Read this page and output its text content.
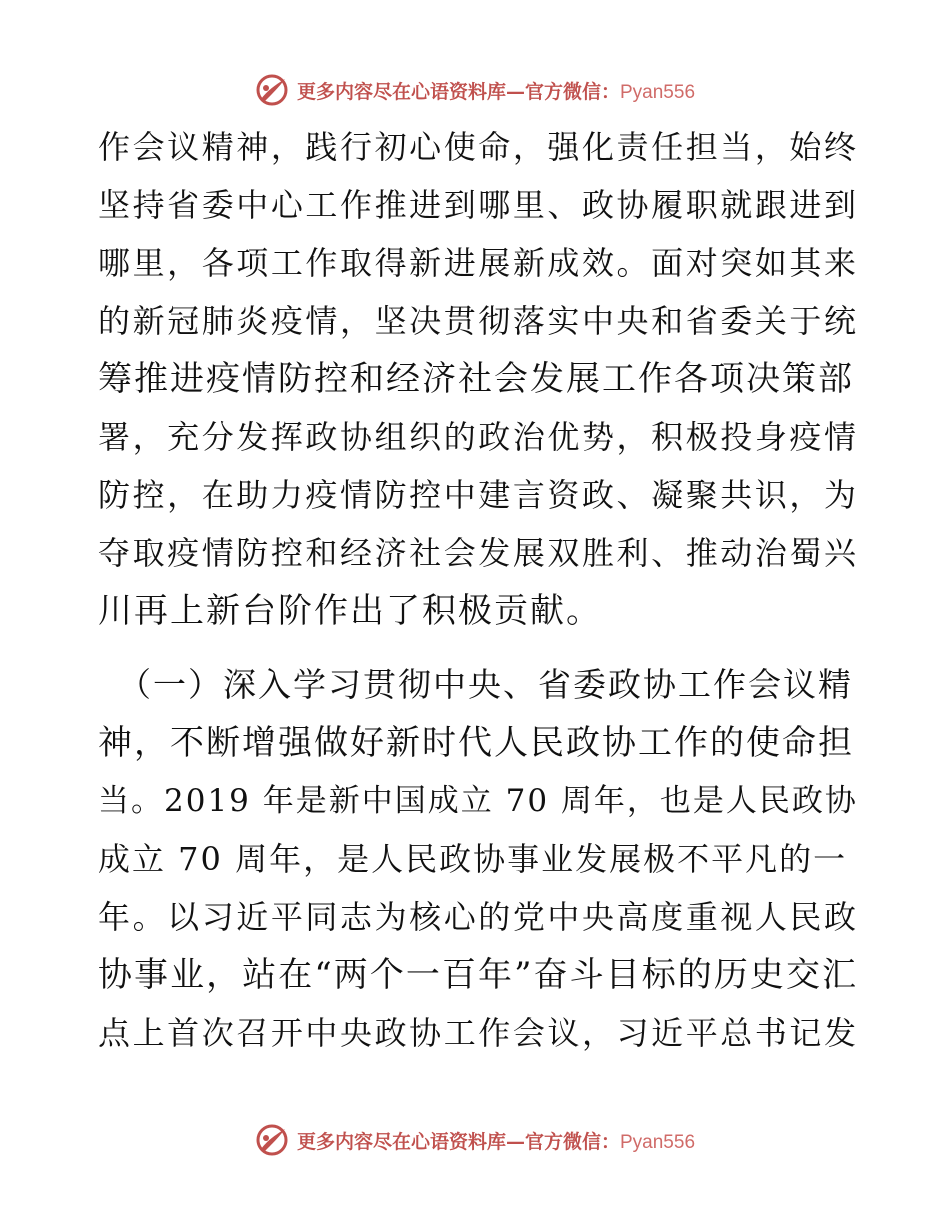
更多内容尽在心语资料库—官方微信：Pyan556
作会议精神，践行初心使命，强化责任担当，始终
坚持省委中心工作推进到哪里、政协履职就跟进到
哪里，各项工作取得新进展新成效。面对突如其来
的新冠肺炎疫情，坚决贯彻落实中央和省委关于统
筹推进疫情防控和经济社会发展工作各项决策部
署，充分发挥政协组织的政治优势，积极投身疫情
防控，在助力疫情防控中建言资政、凝聚共识，为
夺取疫情防控和经济社会发展双胜利、推动治蜀兴
川再上新台阶作出了积极贡献。
（一）深入学习贯彻中央、省委政协工作会议精
神，不断增强做好新时代人民政协工作的使命担
当。2019 年是新中国成立 70 周年，也是人民政协
成立 70 周年，是人民政协事业发展极不平凡的一
年。以习近平同志为核心的党中央高度重视人民政
协事业，站在“两个一百年”奋斗目标的历史交汇
点上首次召开中央政协工作会议，习近平总书记发
更多内容尽在心语资料库—官方微信：Pyan556
